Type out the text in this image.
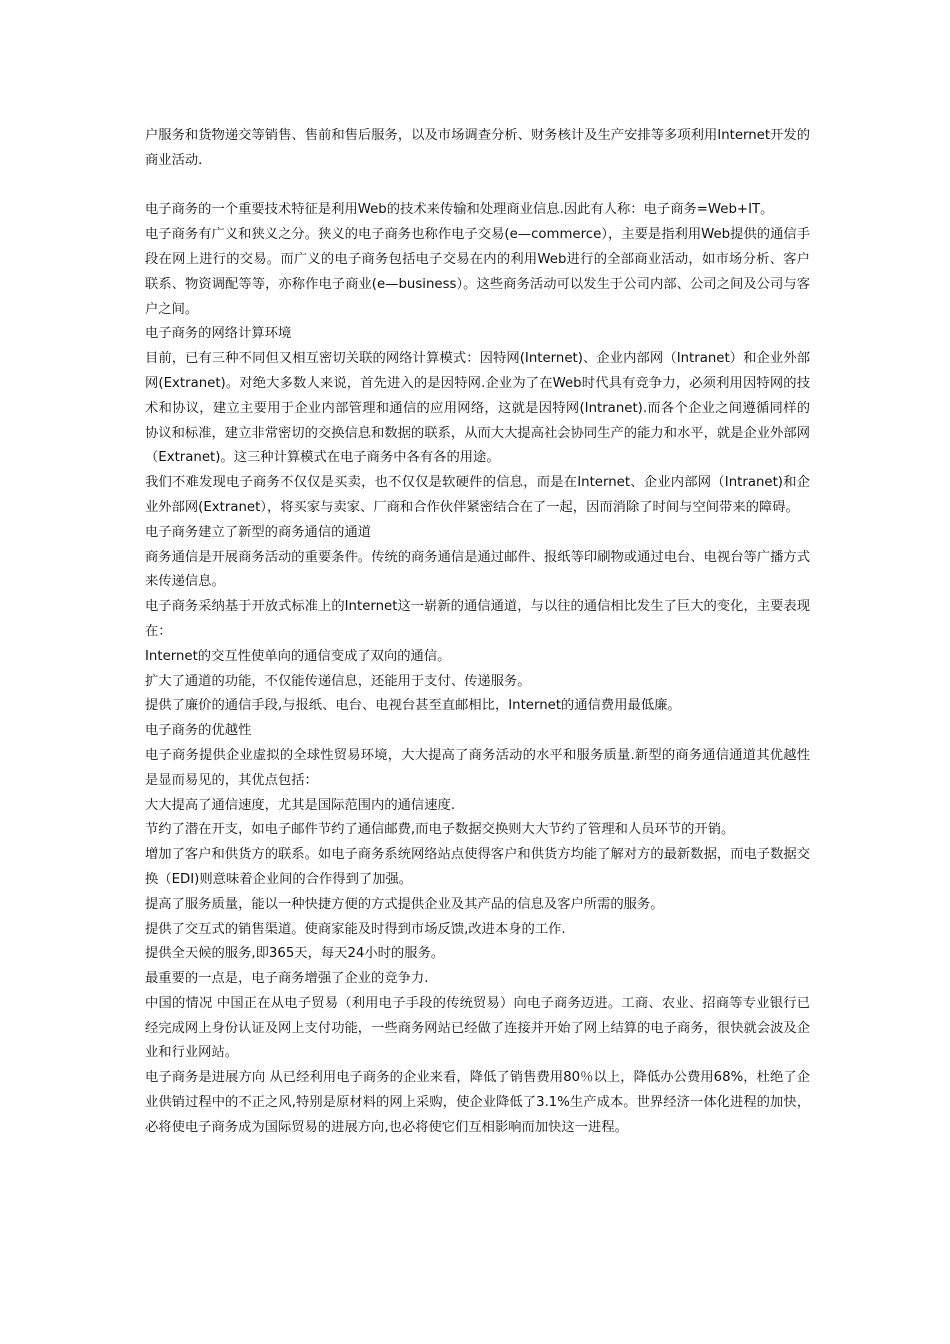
户服务和货物递交等销售、售前和售后服务，以及市场调查分析、财务核计及生产安排等多项利用Internet开发的商业活动.

电子商务的一个重要技术特征是利用Web的技术来传输和处理商业信息.因此有人称：电子商务=Web+IT。

电子商务有广义和狭义之分。狭义的电子商务也称作电子交易(e—commerce），主要是指利用Web提供的通信手段在网上进行的交易。而广义的电子商务包括电子交易在内的利用Web进行的全部商业活动，如市场分析、客户联系、物资调配等等，亦称作电子商业(e—business）。这些商务活动可以发生于公司内部、公司之间及公司与客户之间。

电子商务的网络计算环境

目前，已有三种不同但又相互密切关联的网络计算模式：因特网(Internet)、企业内部网（Intranet）和企业外部网(Extranet)。对绝大多数人来说，首先进入的是因特网.企业为了在Web时代具有竞争力，必须利用因特网的技术和协议，建立主要用于企业内部管理和通信的应用网络，这就是因特网(Intranet).而各个企业之间遵循同样的协议和标准，建立非常密切的交换信息和数据的联系，从而大大提高社会协同生产的能力和水平，就是企业外部网（Extranet)。这三种计算模式在电子商务中各有各的用途。

我们不难发现电子商务不仅仅是买卖，也不仅仅是软硬件的信息，而是在Internet、企业内部网（Intranet)和企业外部网(Extranet），将买家与卖家、厂商和合作伙伴紧密结合在了一起，因而消除了时间与空间带来的障碍。

电子商务建立了新型的商务通信的通道

商务通信是开展商务活动的重要条件。传统的商务通信是通过邮件、报纸等印刷物或通过电台、电视台等广播方式来传递信息。

电子商务采纳基于开放式标准上的Internet这一崭新的通信通道，与以往的通信相比发生了巨大的变化，主要表现在：

Internet的交互性使单向的通信变成了双向的通信。

扩大了通道的功能，不仅能传递信息，还能用于支付、传递服务。

提供了廉价的通信手段,与报纸、电台、电视台甚至直邮相比，Internet的通信费用最低廉。

电子商务的优越性

电子商务提供企业虚拟的全球性贸易环境，大大提高了商务活动的水平和服务质量.新型的商务通信通道其优越性是显而易见的，其优点包括：

大大提高了通信速度，尤其是国际范围内的通信速度.

节约了潜在开支，如电子邮件节约了通信邮费,而电子数据交换则大大节约了管理和人员环节的开销。

增加了客户和供货方的联系。如电子商务系统网络站点使得客户和供货方均能了解对方的最新数据，而电子数据交换（EDI)则意味着企业间的合作得到了加强。

提高了服务质量，能以一种快捷方便的方式提供企业及其产品的信息及客户所需的服务。

提供了交互式的销售渠道。使商家能及时得到市场反馈,改进本身的工作.

提供全天候的服务,即365天，每天24小时的服务。

最重要的一点是，电子商务增强了企业的竞争力.

中国的情况 中国正在从电子贸易（利用电子手段的传统贸易）向电子商务迈进。工商、农业、招商等专业银行已经完成网上身份认证及网上支付功能，一些商务网站已经做了连接并开始了网上结算的电子商务，很快就会波及企业和行业网站。

电子商务是进展方向 从已经利用电子商务的企业来看，降低了销售费用80％以上，降低办公费用68%，杜绝了企业供销过程中的不正之风,特别是原材料的网上采购，使企业降低了3.1%生产成本。世界经济一体化进程的加快，必将使电子商务成为国际贸易的进展方向,也必将使它们互相影响而加快这一进程。
